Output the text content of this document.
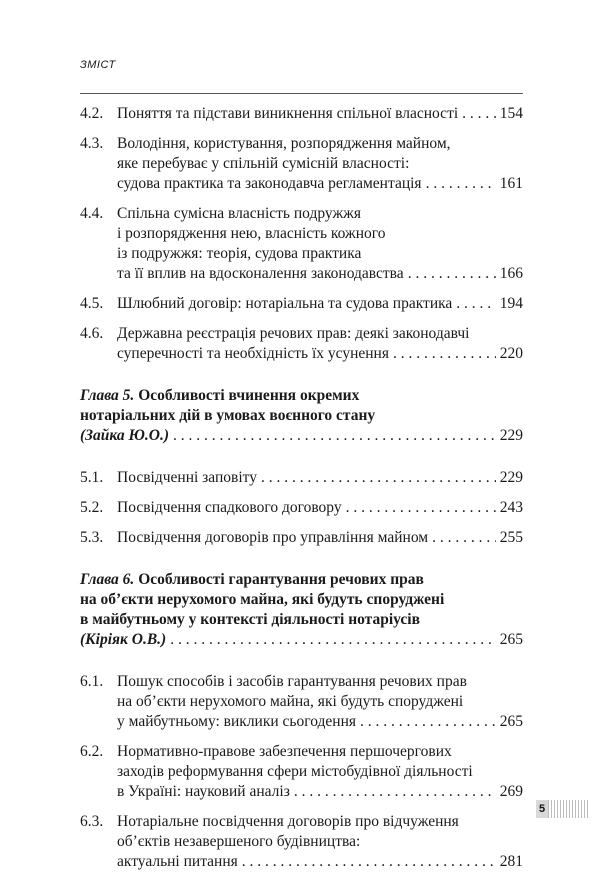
ЗМІСТ
4.2. Поняття та підстави виникнення спільної власності . . .	154
4.3. Володіння, користування, розпорядження майном,
яке перебуває у спільній сумісній власності:
судова практика та законодавча регламентація . . .	161
4.4. Спільна сумісна власність подружжя
і розпорядження нею, власність кожного
із подружжя: теорія, судова практика
та її вплив на вдосконалення законодавства . . .	166
4.5. Шлюбний договір: нотаріальна та судова практика . . .	194
4.6. Державна реєстрація речових прав: деякі законодавчі
суперечності та необхідність їх усунення . . .	220
Глава 5. Особливості вчинення окремих
нотаріальних дій в умовах воєнного стану
(Зайка Ю.О.) . . .	229
5.1. Посвідченні заповіту . . .	229
5.2. Посвідчення спадкового договору . . .	243
5.3. Посвідчення договорів про управління майном . . .	255
Глава 6. Особливості гарантування речових прав
на об’єкти нерухомого майна, які будуть споруджені
в майбутньому у контексті діяльності нотаріусів
(Кіріяк О.В.) . . .	265
6.1. Пошук способів і засобів гарантування речових прав
на об’єкти нерухомого майна, які будуть споруджені
у майбутньому: виклики сьогодення . . .	265
6.2. Нормативно-правове забезпечення першочергових
заходів реформування сфери містобудівної діяльності
в Україні: науковий аналіз . . .	269
6.3. Нотаріальне посвідчення договорів про відчуження
об’єктів незавершеного будівництва:
актуальні питання . . .	281
5
